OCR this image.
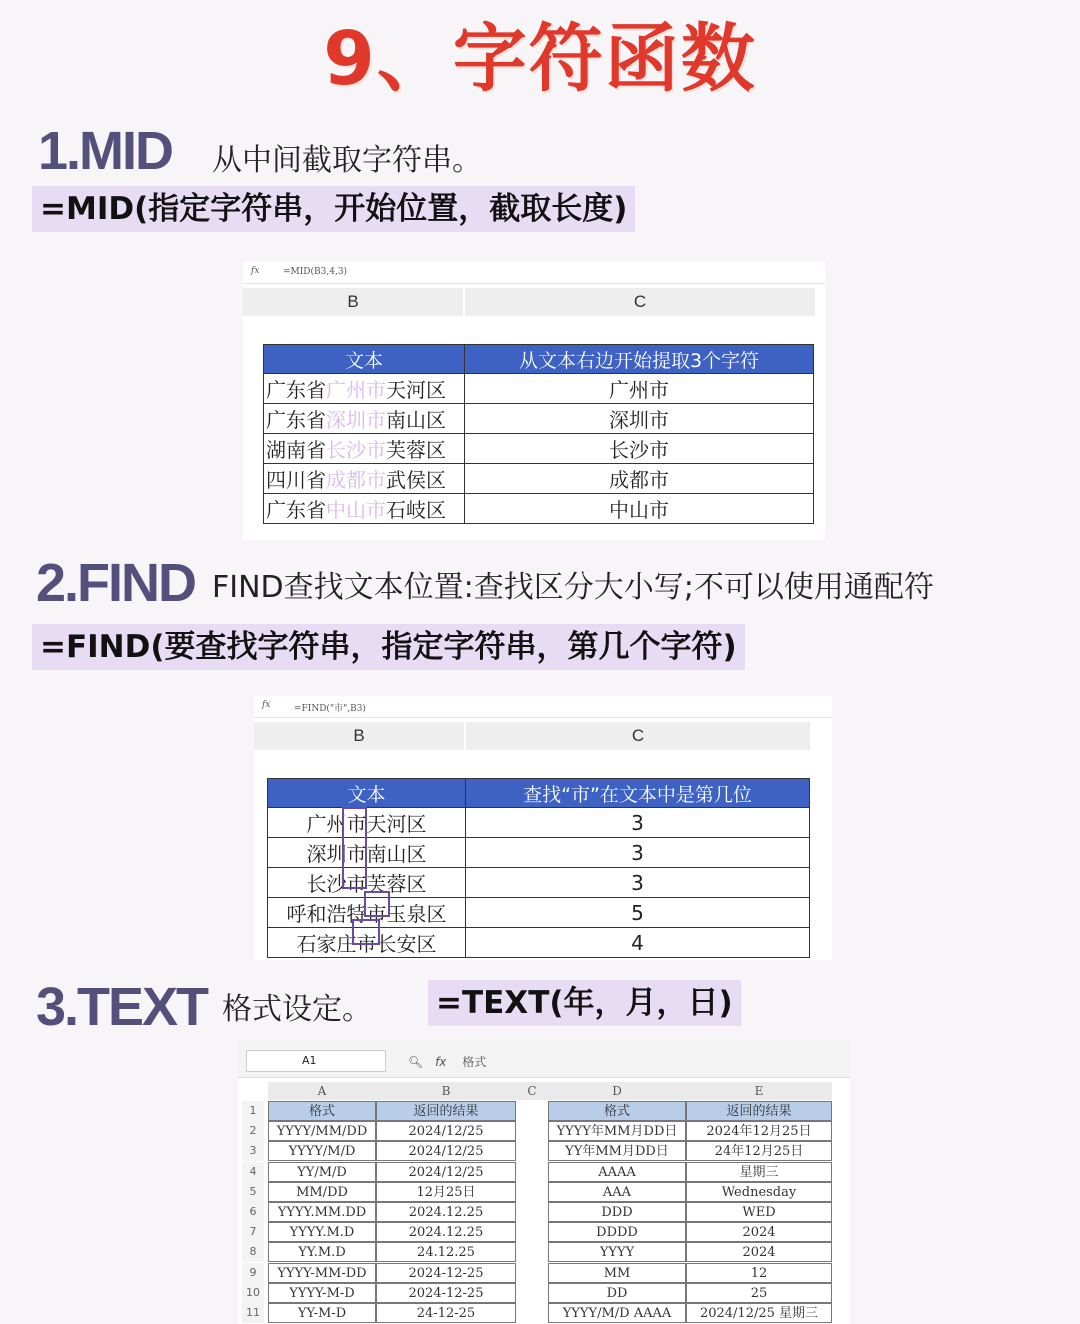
9、字符函数
1.MID 从中间截取字符串。
=MID(指定字符串，开始位置，截取长度)
fx	=MID(B3,4,3)
B	C
文本	从文本右边开始提取3个字符
广东省广州市天河区	广州市
广东省深圳市南山区	深圳市
湖南省长沙市芙蓉区	长沙市
四川省成都市武侯区	成都市
广东省中山市石岐区	中山市
2.FIND FIND查找文本位置:查找区分大小写;不可以使用通配符
=FIND(要查找字符串，指定字符串，第几个字符)
fx	=FIND("市",B3)
B	C
文本	查找“市”在文本中是第几位
广州市天河区	3
深圳市南山区	3
长沙市芙蓉区	3
呼和浩特市玉泉区	5
石家庄市长安区	4
3.TEXT 格式设定。 =TEXT(年，月，日)
A1	🔍︎ fx 格式
A	B	C	D	E
1	格式	返回的结果	格式	返回的结果
2	YYYY/MM/DD	2024/12/25	YYYY年MM月DD日	2024年12月25日
3	YYYY/M/D	2024/12/25	YY年MM月DD日	24年12月25日
4	YY/M/D	2024/12/25	AAAA	星期三
5	MM/DD	12月25日	AAA	Wednesday
6	YYYY.MM.DD	2024.12.25	DDD	WED
7	YYYY.M.D	2024.12.25	DDDD	2024
8	YY.M.D	24.12.25	YYYY	2024
9	YYYY-MM-DD	2024-12-25	MM	12
10	YYYY-M-D	2024-12-25	DD	25
11	YY-M-D	24-12-25	YYYY/M/D AAAA	2024/12/25 星期三
